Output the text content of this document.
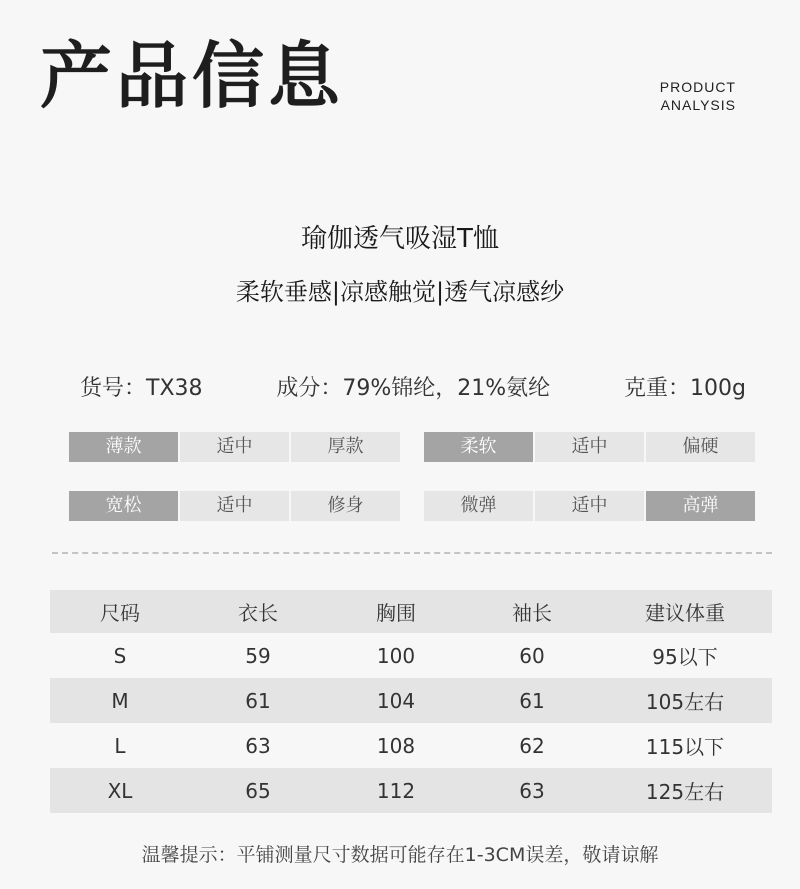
产品信息	PRODUCT
ANALYSIS
瑜伽透气吸湿T恤
柔软垂感|凉感触觉|透气凉感纱
货号：TX38	成分：79%锦纶，21%氨纶	克重：100g
薄款	适中	厚款	柔软	适中	偏硬
宽松	适中	修身	微弹	适中	高弹
尺码	衣长	胸围	袖长	建议体重
S	59	100	60	95以下
M	61	104	61	105左右
L	63	108	62	115以下
XL	65	112	63	125左右
温馨提示：平铺测量尺寸数据可能存在1-3CM误差，敬请谅解
